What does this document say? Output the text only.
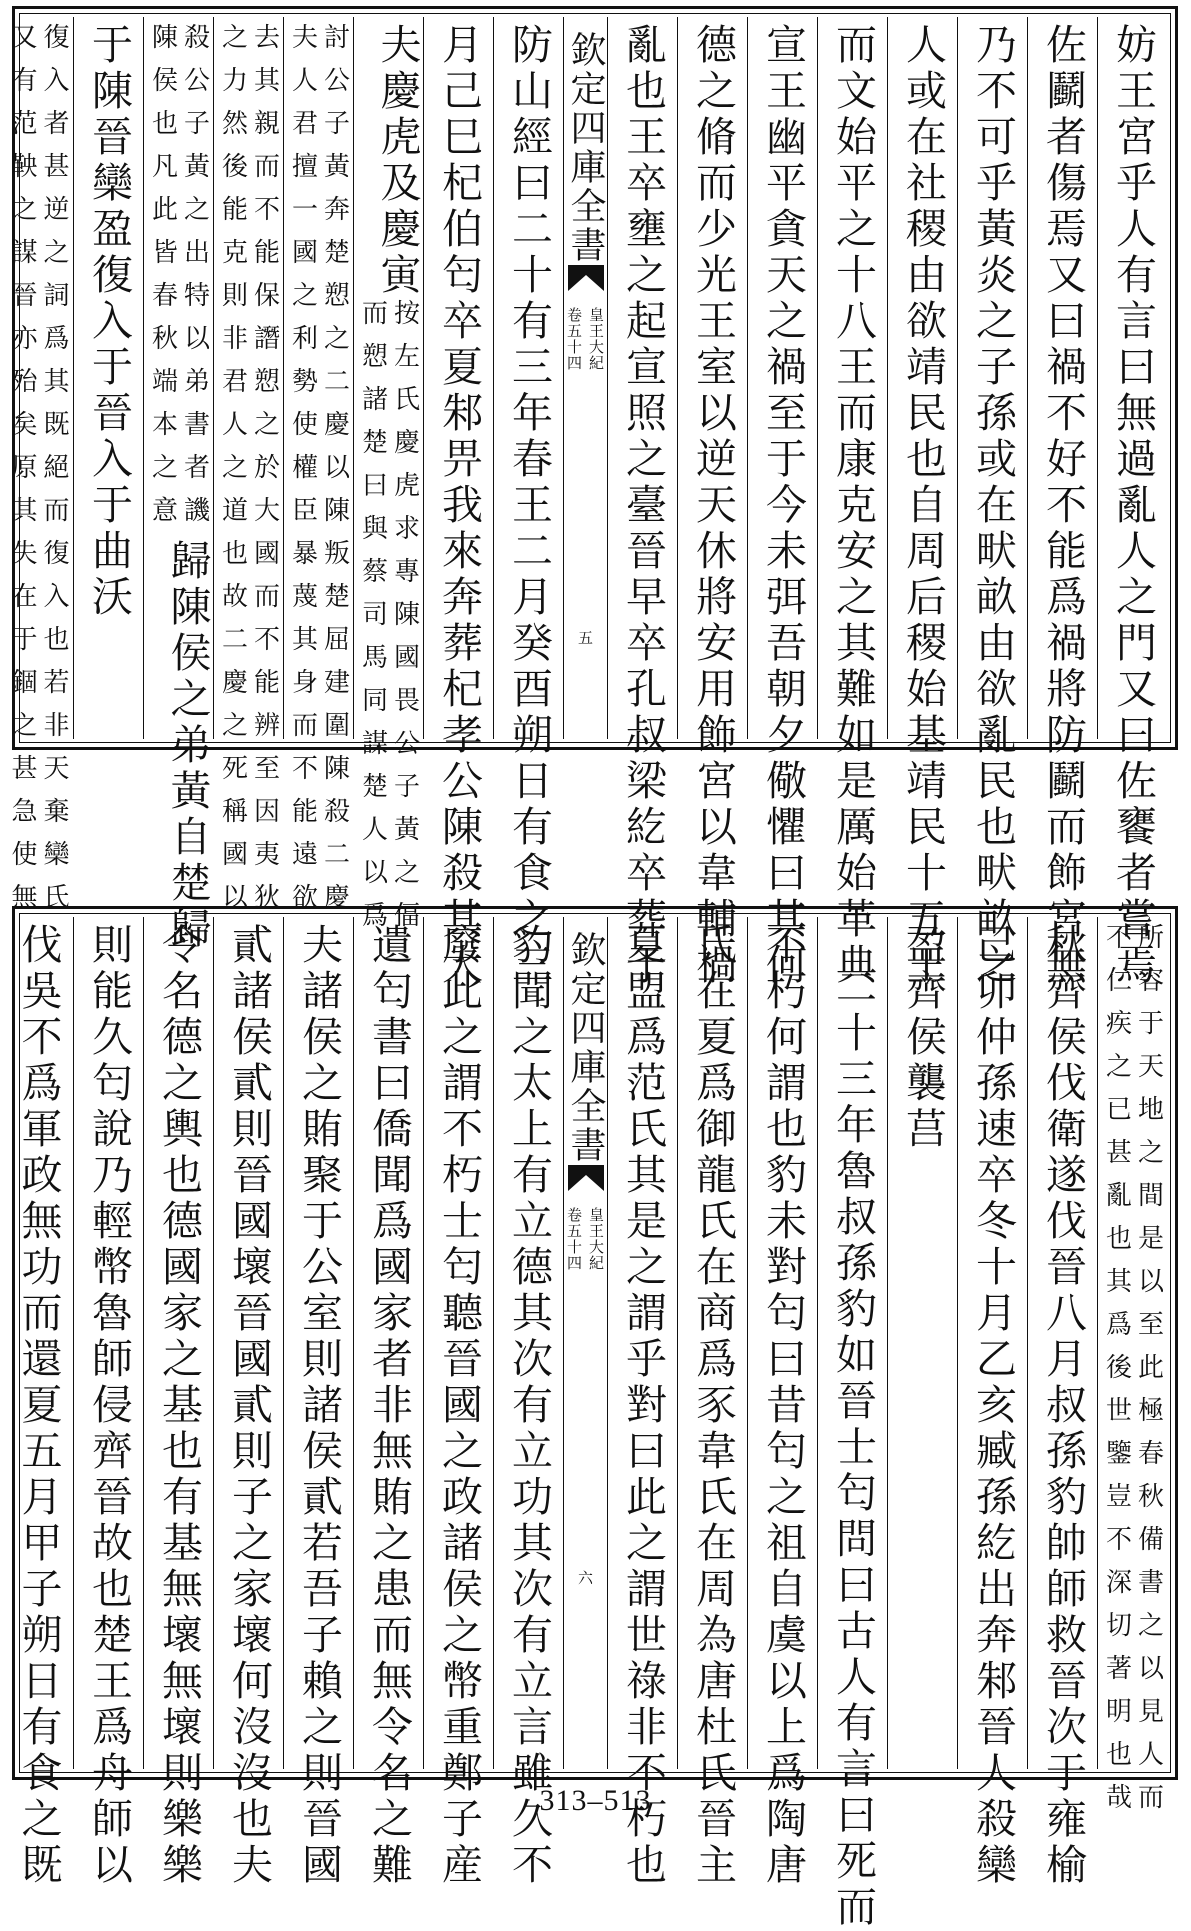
妨王宮乎人有言曰無過亂人之門又曰佐饔者嘗焉
佐鬬者傷焉又曰禍不好不能爲禍將防鬬而飾宮無
乃不可乎黃炎之子孫或在畎畝由欲亂民也畎畝之
人或在社稷由欲靖民也自周后稷始基靖民十五王
而文始平之十八王而康克安之其難如是厲始革典
宣王幽平貪天之禍至于今未弭吾朝夕儆懼曰其何
德之脩而少光王室以逆天休將安用飾宮以韋輔禍
亂也王卒壅之起宣照之臺晉早卒孔叔梁紇卒葬于
欽定四庫全書
皇王大紀
卷五十四
五
防山經曰二十有三年春王二月癸酉朔日有食之三
月己巳杞伯匄卒夏邾畀我來奔葬杞孝公陳殺其大
夫慶虎及慶寅
按左氏慶虎求專陳國畏公子黃之偪
而愬諸楚曰與蔡司馬同謀楚人以爲
討公子黃奔楚愬之二慶以陳叛楚屈建圍陳殺二慶
夫人君擅一國之利勢使權臣暴蔑其身而不能遠欲
去其親而不能保譖愬之於大國而不能辨至因夷狄
之力然後能克則非君人之道也故二慶之死稱國以
殺公子黃之出特以弟書者譏
陳侯也凡此皆春秋端本之意
歸陳侯之弟黃自楚歸
于陳晉欒盈復入于晉入于曲沃
復入者甚逆之詞爲其既絕而復入也若非天棄欒氏
又有范鞅之謀晉亦殆矣原其失在于錮之甚急使無
所容于天地之間是以至此極春秋備書之以見人而
不仁疾之已甚亂也其爲後世鑒豈不深切著明也哉
秋齊侯伐衛遂伐晉八月叔孫豹帥師救晉次于雍榆
己卯仲孫速卒冬十月乙亥臧孫紇出奔邾晉人殺欒
盈齊侯襲莒
二十三年魯叔孫豹如晉士匄問曰古人有言曰死而
不朽何謂也豹未對匄曰昔匄之祖自虞以上爲陶唐
氏在夏爲御龍氏在商爲豕韋氏在周為唐杜氏晉主
夏盟爲范氏其是之謂乎對曰此之謂世祿非不朽也
欽定四庫全書
皇王大紀
卷五十四
六
豹聞之太上有立德其次有立功其次有立言雖久不
廢此之謂不朽士匄聽晉國之政諸侯之幣重鄭子産
遺匄書曰僑聞爲國家者非無賄之患而無令名之難
夫諸侯之賄聚于公室則諸侯貳若吾子賴之則晉國
貳諸侯貳則晉國壞晉國貳則子之家壞何沒沒也夫
令名德之輿也德國家之基也有基無壞無壞則樂樂
則能久匄說乃輕幣魯師侵齊晉故也楚王爲舟師以
伐吳不爲軍政無功而還夏五月甲子朔日有食之既	313–513
